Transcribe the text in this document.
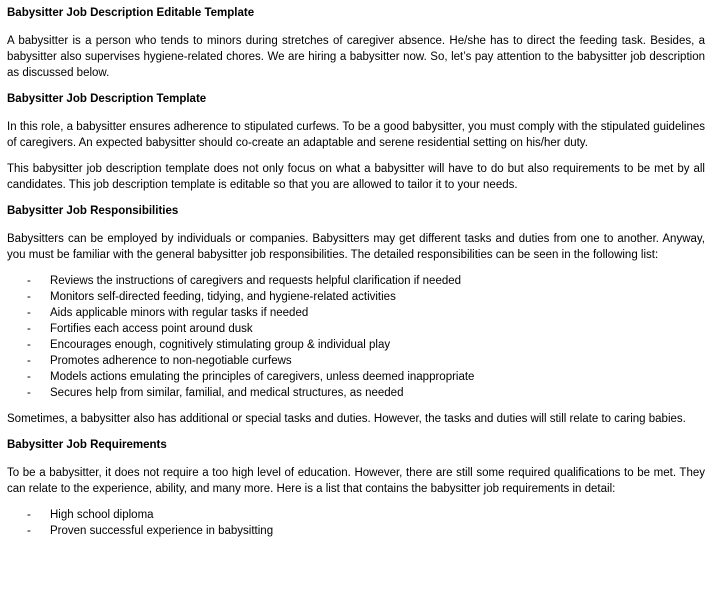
Babysitter Job Description Editable Template

A babysitter is a person who tends to minors during stretches of caregiver absence. He/she has to direct the feeding task. Besides, a babysitter also supervises hygiene-related chores. We are hiring a babysitter now. So, let’s pay attention to the babysitter job description as discussed below.

Babysitter Job Description Template

In this role, a babysitter ensures adherence to stipulated curfews. To be a good babysitter, you must comply with the stipulated guidelines of caregivers. An expected babysitter should co-create an adaptable and serene residential setting on his/her duty.

This babysitter job description template does not only focus on what a babysitter will have to do but also requirements to be met by all candidates. This job description template is editable so that you are allowed to tailor it to your needs.

Babysitter Job Responsibilities

Babysitters can be employed by individuals or companies. Babysitters may get different tasks and duties from one to another. Anyway, you must be familiar with the general babysitter job responsibilities. The detailed responsibilities can be seen in the following list:

- Reviews the instructions of caregivers and requests helpful clarification if needed
- Monitors self-directed feeding, tidying, and hygiene-related activities
- Aids applicable minors with regular tasks if needed
- Fortifies each access point around dusk
- Encourages enough, cognitively stimulating group & individual play
- Promotes adherence to non-negotiable curfews
- Models actions emulating the principles of caregivers, unless deemed inappropriate
- Secures help from similar, familial, and medical structures, as needed

Sometimes, a babysitter also has additional or special tasks and duties. However, the tasks and duties will still relate to caring babies.

Babysitter Job Requirements

To be a babysitter, it does not require a too high level of education. However, there are still some required qualifications to be met. They can relate to the experience, ability, and many more. Here is a list that contains the babysitter job requirements in detail:

- High school diploma
- Proven successful experience in babysitting
